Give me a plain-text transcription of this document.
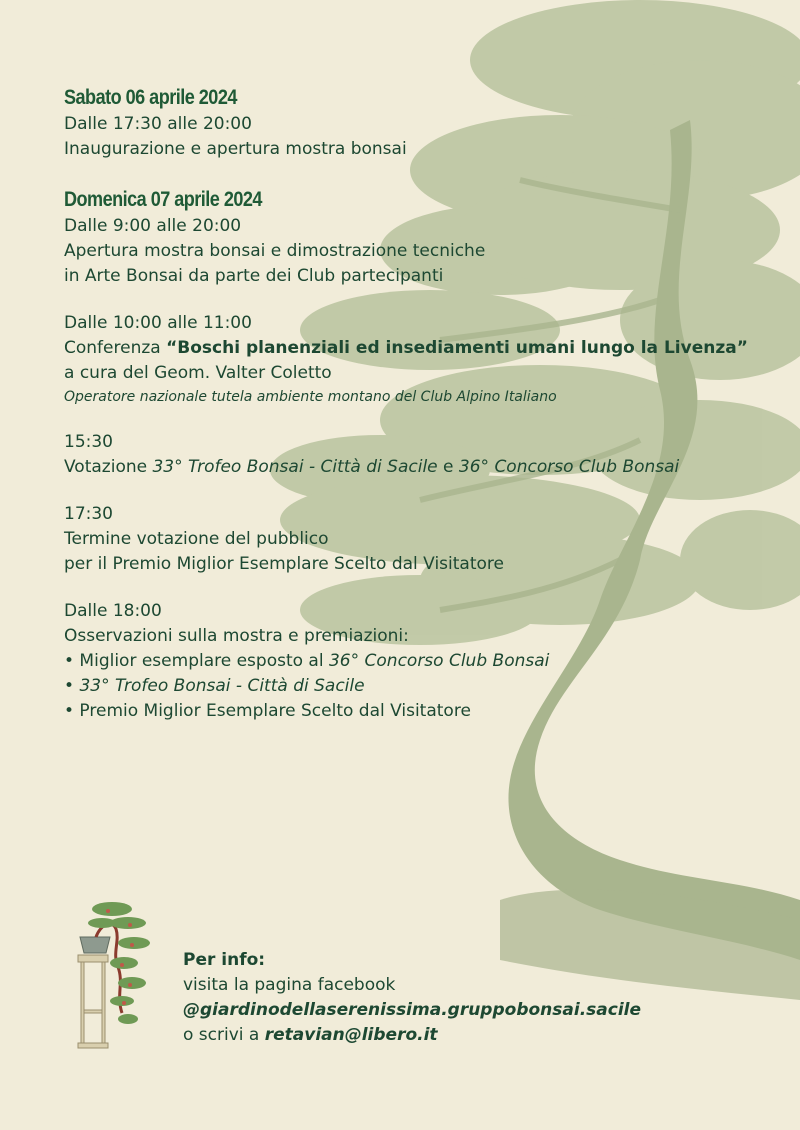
Sabato 06 aprile 2024

Dalle 17:30 alle 20:00

Inaugurazione e apertura mostra bonsai

Domenica 07 aprile 2024

Dalle 9:00 alle 20:00

Apertura mostra bonsai e dimostrazione tecniche

in Arte Bonsai da parte dei Club partecipanti

Dalle 10:00 alle 11:00

Conferenza “Boschi planenziali ed insediamenti umani lungo la Livenza”

a cura del Geom. Valter Coletto

Operatore nazionale tutela ambiente montano del Club Alpino Italiano

15:30

Votazione 33° Trofeo Bonsai - Città di Sacile e 36° Concorso Club Bonsai

17:30

Termine votazione del pubblico

per il Premio Miglior Esemplare Scelto dal Visitatore

Dalle 18:00

Osservazioni sulla mostra e premiazioni:

• Miglior esemplare esposto al 36° Concorso Club Bonsai

• 33° Trofeo Bonsai - Città di Sacile

• Premio Miglior Esemplare Scelto dal Visitatore

Per info:

visita la pagina facebook

@giardinodellaserenissima.gruppobonsai.sacile

o scrivi a retavian@libero.it
